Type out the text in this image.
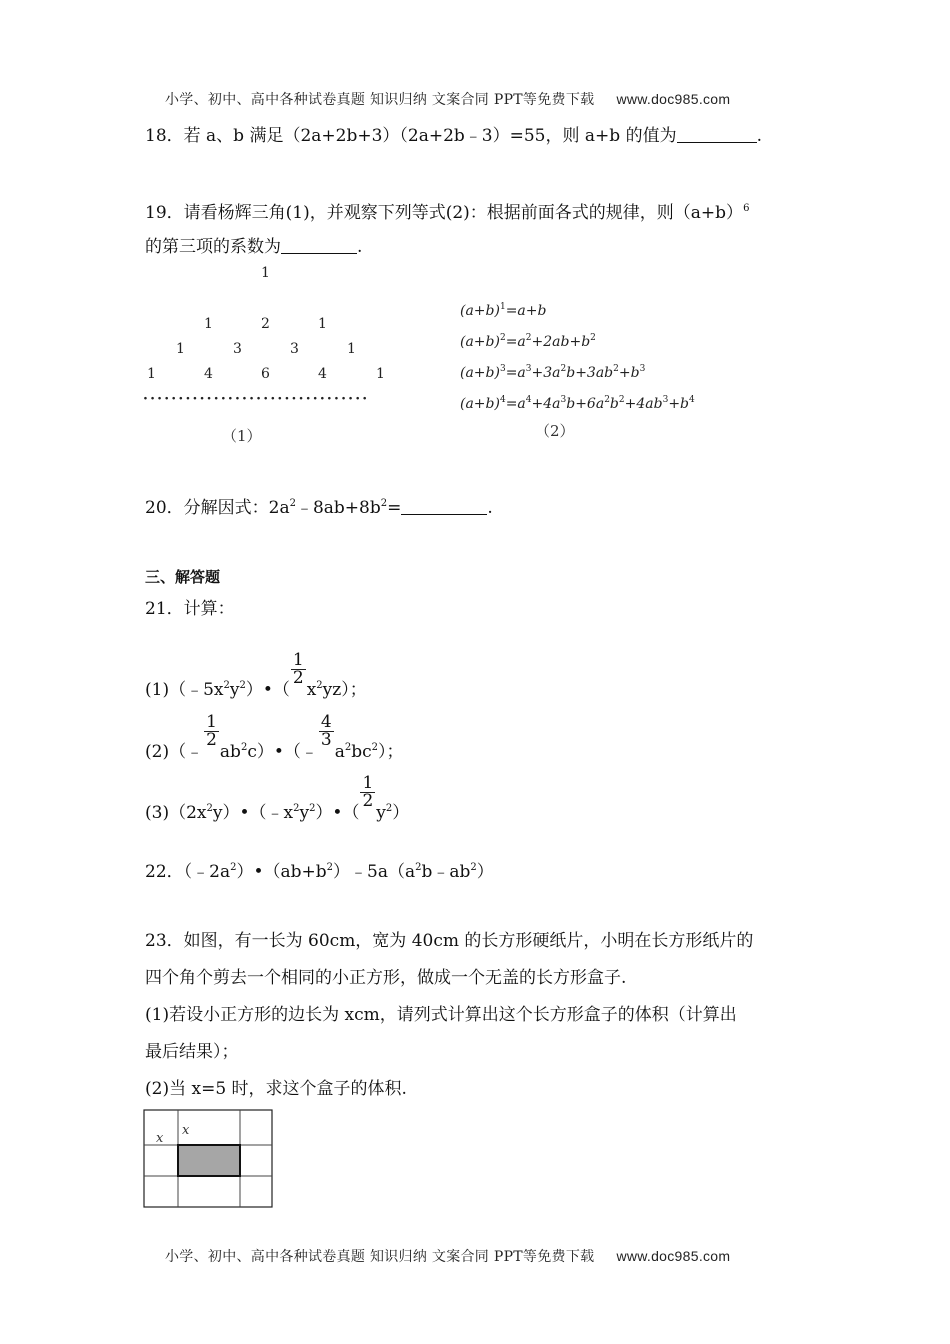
小学、初中、高中各种试卷真题 知识归纳 文案合同 PPT等免费下载 www.doc985.com
18．若 a、b 满足（2a+2b+3）（2a+2b﹣3）=55，则 a+b 的值为	.
19．请看杨辉三角(1)，并观察下列等式(2)：根据前面各式的规律，则$(a+b)^6$
的第三项的系数为	.
1
1	2	1
1	3	3	1
1	4	6	4	1
································
（1）
$(a+b)^1=a+b$
$(a+b)^2=a^2+2ab+b^2$
$(a+b)^3=a^3+3a^2b+3ab^2+b^3$
$(a+b)^4=a^4+4a^3b+6a^2b^2+4ab^3+b^4$
（2）
20．分解因式：$2a^2﹣8ab+8b^2=$	.
三、解答题
21．计算：
$(1)(﹣5x^2y^2)•$（
$\frac{1}{2}$
$x^2yz$）；
(2)（﹣
$\frac{1}{2}$
$ab^2c)•(﹣$
$\frac{4}{3}$
$a^2bc^2$）；
$(3)(2x^2y)•(﹣x^2y^2)•$（
$\frac{1}{2}$
$y^2$）
22．$(﹣2a^2)•(ab+b^2)﹣5a(a^2b﹣ab^2)$
23．如图，有一长为 60cm，宽为 40cm 的长方形硬纸片，小明在长方形纸片的
四个角个剪去一个相同的小正方形，做成一个无盖的长方形盒子.
(1)若设小正方形的边长为 xcm，请列式计算出这个长方形盒子的体积（计算出
最后结果）；
(2)当 x=5 时，求这个盒子的体积.
x
x
小学、初中、高中各种试卷真题 知识归纳 文案合同 PPT等免费下载 www.doc985.com
